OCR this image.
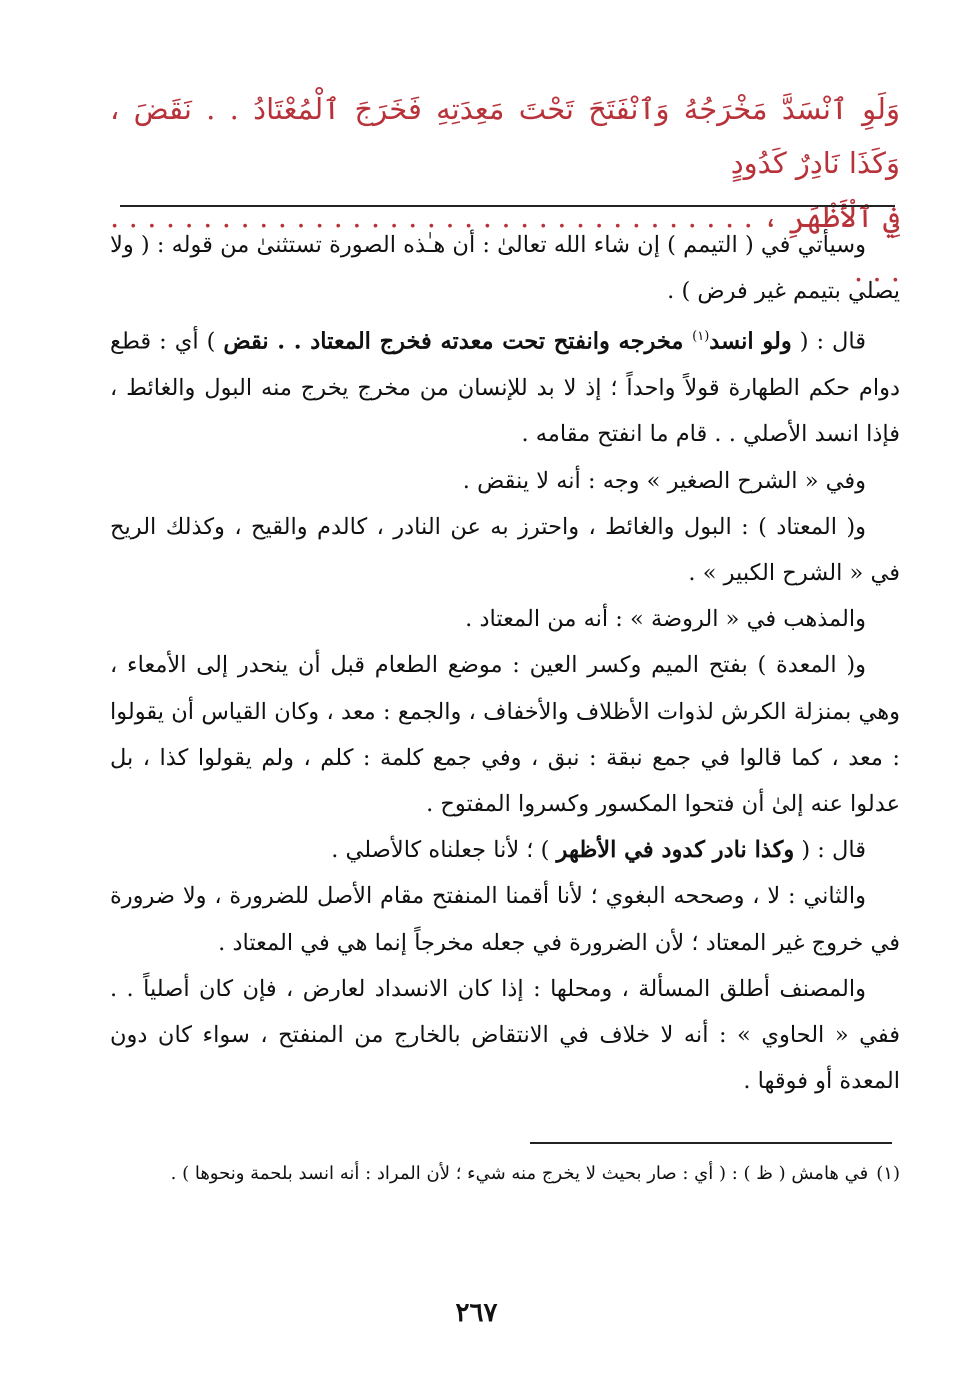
وَلَوِ ٱنْسَدَّ مَخْرَجُهُ وَٱنْفَتَحَ تَحْتَ مَعِدَتِهِ فَخَرَجَ ٱلْمُعْتَادُ . . نَقَضَ ، وَكَذَا نَادِرٌ كَدُودٍ

فِي ٱلْأَظْهَرِ ، . . . . . . . . . . . . . . . . . . . . . . . . . . . . . . . . . . . . . .

وسيأتي في ( التيمم ) إن شاء الله تعالىٰ : أن هـٰذه الصورة تستثنىٰ من قوله : ( ولا يصلي بتيمم غير فرض ) .

قال : ( ولو انسد$^{(١)}$ مخرجه وانفتح تحت معدته فخرج المعتاد . . نقض ) أي : قطع دوام حكم الطهارة قولاً واحداً ؛ إذ لا بد للإنسان من مخرج يخرج منه البول والغائط ، فإذا انسد الأصلي . . قام ما انفتح مقامه .

وفي « الشرح الصغير » وجه : أنه لا ينقض .

و( المعتاد ) : البول والغائط ، واحترز به عن النادر ، كالدم والقيح ، وكذلك الريح في « الشرح الكبير » .

والمذهب في « الروضة » : أنه من المعتاد .

و( المعدة ) بفتح الميم وكسر العين : موضع الطعام قبل أن ينحدر إلى الأمعاء ، وهي بمنزلة الكرش لذوات الأظلاف والأخفاف ، والجمع : معد ، وكان القياس أن يقولوا : معد ، كما قالوا في جمع نبقة : نبق ، وفي جمع كلمة : كلم ، ولم يقولوا كذا ، بل عدلوا عنه إلىٰ أن فتحوا المكسور وكسروا المفتوح .

قال : ( وكذا نادر كدود في الأظهر ) ؛ لأنا جعلناه كالأصلي .

والثاني : لا ، وصححه البغوي ؛ لأنا أقمنا المنفتح مقام الأصل للضرورة ، ولا ضرورة في خروج غير المعتاد ؛ لأن الضرورة في جعله مخرجاً إنما هي في المعتاد .

والمصنف أطلق المسألة ، ومحلها : إذا كان الانسداد لعارض ، فإن كان أصلياً . . ففي « الحاوي » : أنه لا خلاف في الانتقاض بالخارج من المنفتح ، سواء كان دون المعدة أو فوقها .

(١)في هامش ( ظ ) : ( أي : صار بحيث لا يخرج منه شيء ؛ لأن المراد : أنه انسد بلحمة ونحوها ) .

٢٦٧
